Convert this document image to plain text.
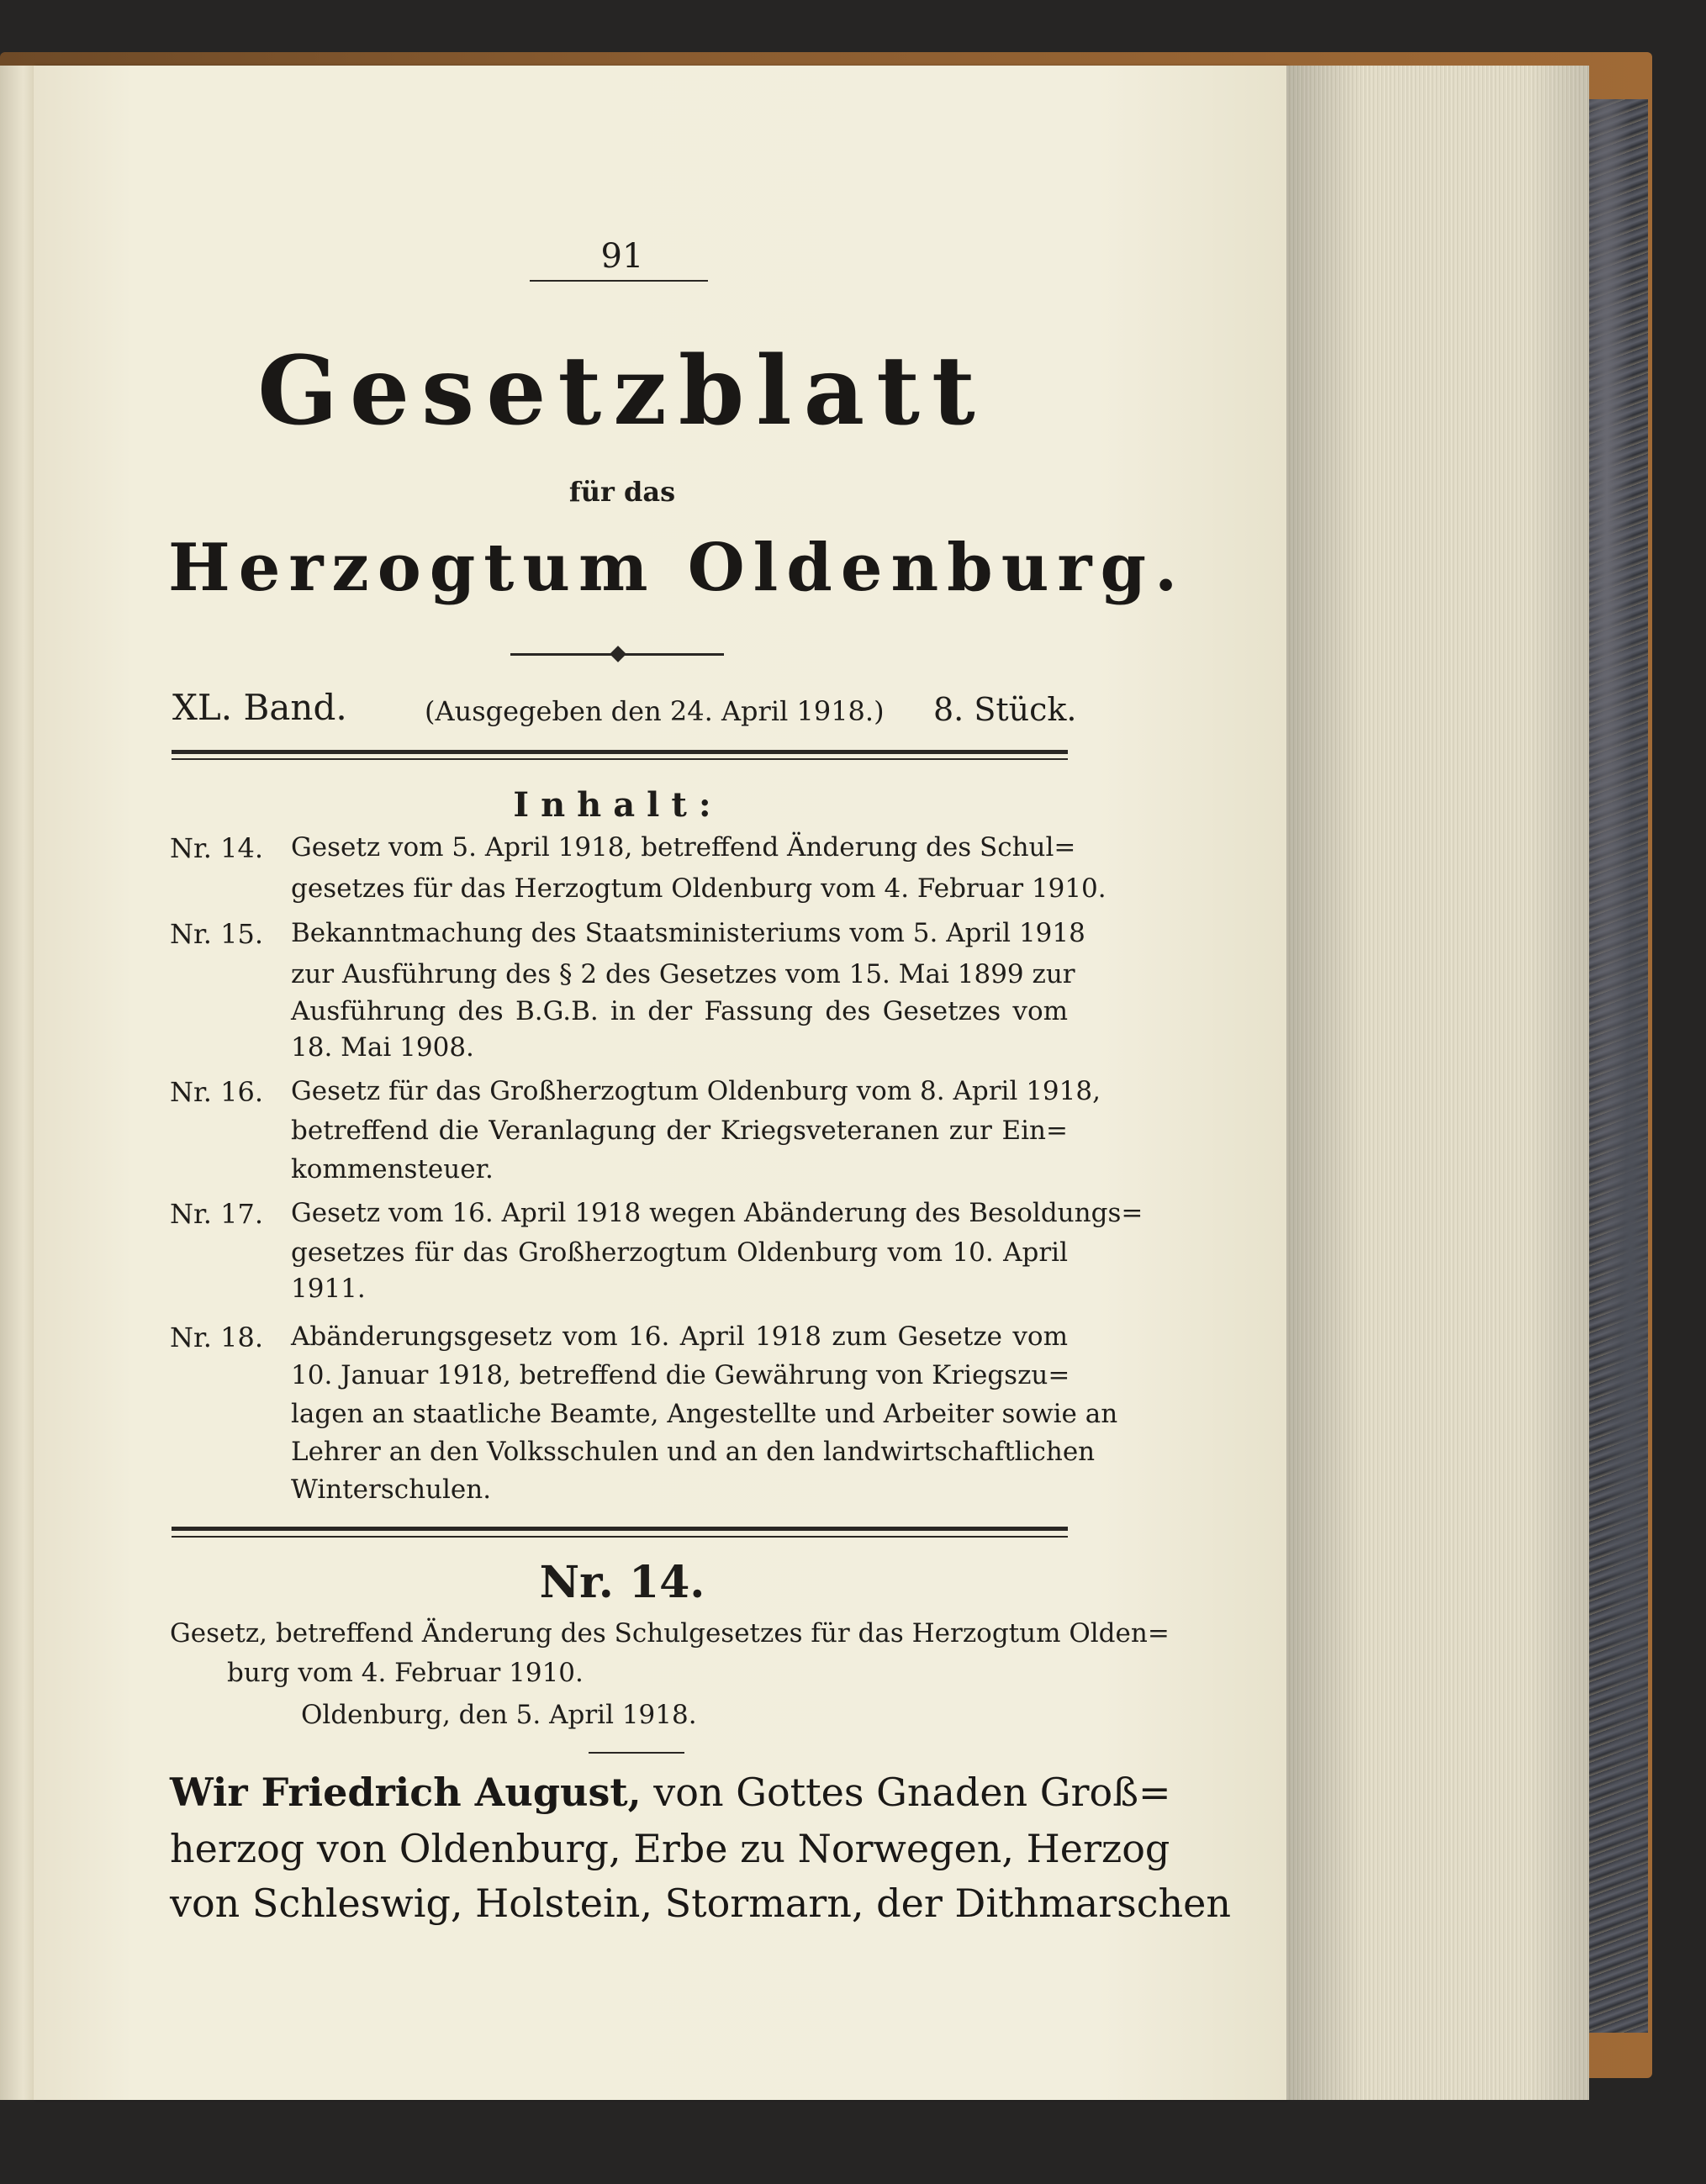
91
Gesetzblatt
für das
Herzogtum Oldenburg.
XL. Band.	(Ausgegeben den 24. April 1918.) 8. Stück.
Inhalt:
Nr. 14. Gesetz vom 5. April 1918, betreffend Änderung des Schul=
gesetzes für das Herzogtum Oldenburg vom 4. Februar 1910.
Nr. 15. Bekanntmachung des Staatsministeriums vom 5. April 1918
zur Ausführung des § 2 des Gesetzes vom 15. Mai 1899 zur
Ausführung des B.G.B. in der Fassung des Gesetzes vom
18. Mai 1908.
Nr. 16. Gesetz für das Großherzogtum Oldenburg vom 8. April 1918,
betreffend die Veranlagung der Kriegsveteranen zur Ein=
kommensteuer.
Nr. 17. Gesetz vom 16. April 1918 wegen Abänderung des Besoldungs=
gesetzes für das Großherzogtum Oldenburg vom 10. April
1911.
Nr. 18. Abänderungsgesetz vom 16. April 1918 zum Gesetze vom
10. Januar 1918, betreffend die Gewährung von Kriegszu=
lagen an staatliche Beamte, Angestellte und Arbeiter sowie an
Lehrer an den Volksschulen und an den landwirtschaftlichen
Winterschulen.
Nr. 14.
Gesetz, betreffend Änderung des Schulgesetzes für das Herzogtum Olden=
burg vom 4. Februar 1910.
Oldenburg, den 5. April 1918.
Wir Friedrich August, von Gottes Gnaden Groß=
herzog von Oldenburg, Erbe zu Norwegen, Herzog
von Schleswig, Holstein, Stormarn, der Dithmarschen
